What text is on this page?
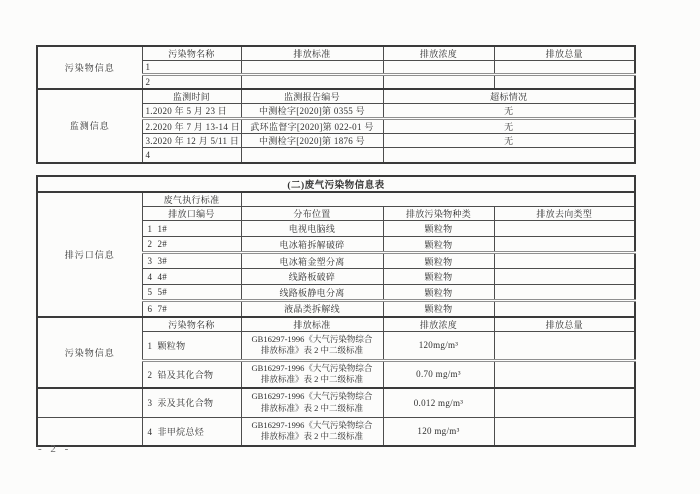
污染物信息	污染物名称	排放标准	排放浓度	排放总量
	1			
	2			
监测信息	监测时间	监测报告编号	超标情况	
	1.2020 年 5 月 23 日	中测检字[2020]第 0355 号	无	
	2.2020 年 7 月 13-14 日	武环监督字[2020]第 022-01 号	无	
	3.2020 年 12 月 5/11 日	中测检字[2020]第 1876 号	无	
	4			
(二)废气污染物信息表				
排污口信息	废气执行标准			
	排放口编号	分布位置	排放污染物种类	排放去向类型
	1 1#	电视电脑线	颗粒物	
	2 2#	电冰箱拆解破碎	颗粒物	
	3 3#	电冰箱金塑分离	颗粒物	
	4 4#	线路板破碎	颗粒物	
	5 5#	线路板静电分离	颗粒物	
	6 7#	液晶类拆解线	颗粒物	
污染物信息	污染物名称	排放标准	排放浓度	排放总量
	1 颗粒物	GB16297-1996《大气污染物综合
排放标准》表 2 中二级标准	120mg/m³	
	2 铅及其化合物	GB16297-1996《大气污染物综合
排放标准》表 2 中二级标准	0.70 mg/m³	
	3 汞及其化合物	GB16297-1996《大气污染物综合
排放标准》表 2 中二级标准	0.012 mg/m³	
	4 非甲烷总烃	GB16297-1996《大气污染物综合
排放标准》表 2 中二级标准	120 mg/m³	
- 2 -
